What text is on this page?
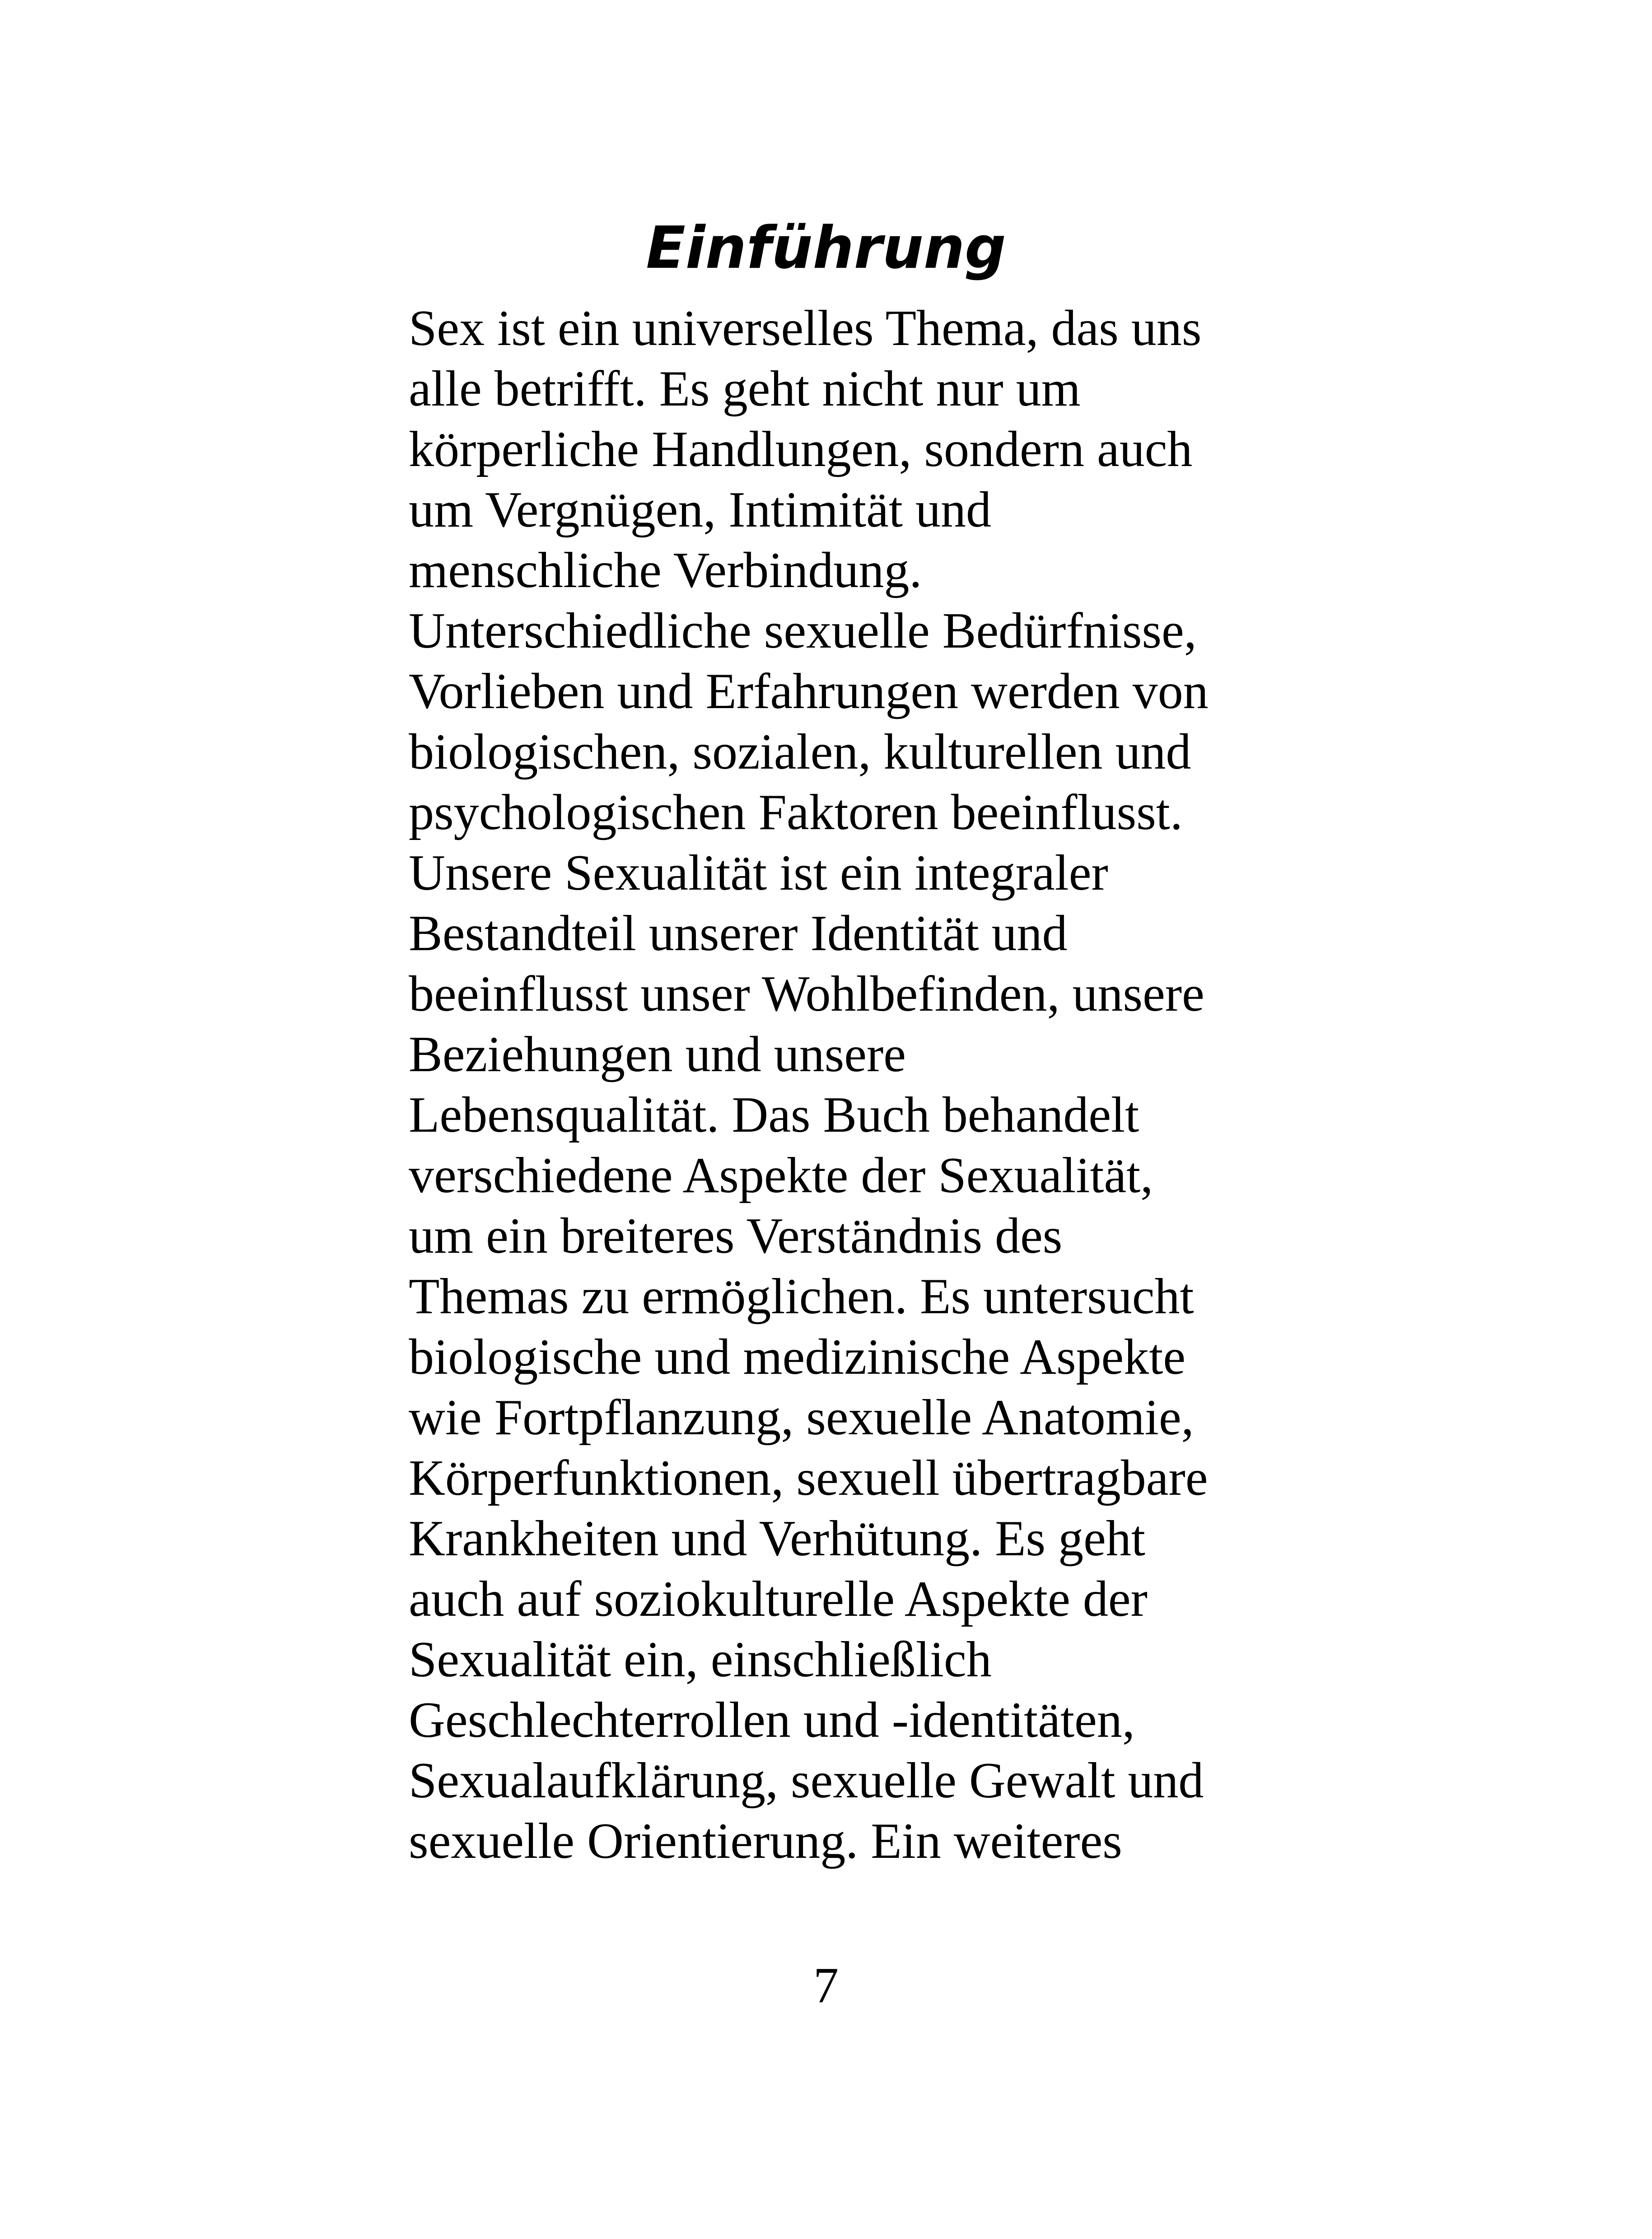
Einführung
Sex ist ein universelles Thema, das uns
alle betrifft. Es geht nicht nur um
körperliche Handlungen, sondern auch
um Vergnügen, Intimität und
menschliche Verbindung.
Unterschiedliche sexuelle Bedürfnisse,
Vorlieben und Erfahrungen werden von
biologischen, sozialen, kulturellen und
psychologischen Faktoren beeinflusst.
Unsere Sexualität ist ein integraler
Bestandteil unserer Identität und
beeinflusst unser Wohlbefinden, unsere
Beziehungen und unsere
Lebensqualität. Das Buch behandelt
verschiedene Aspekte der Sexualität,
um ein breiteres Verständnis des
Themas zu ermöglichen. Es untersucht
biologische und medizinische Aspekte
wie Fortpflanzung, sexuelle Anatomie,
Körperfunktionen, sexuell übertragbare
Krankheiten und Verhütung. Es geht
auch auf soziokulturelle Aspekte der
Sexualität ein, einschließlich
Geschlechterrollen und -identitäten,
Sexualaufklärung, sexuelle Gewalt und
sexuelle Orientierung. Ein weiteres
7
